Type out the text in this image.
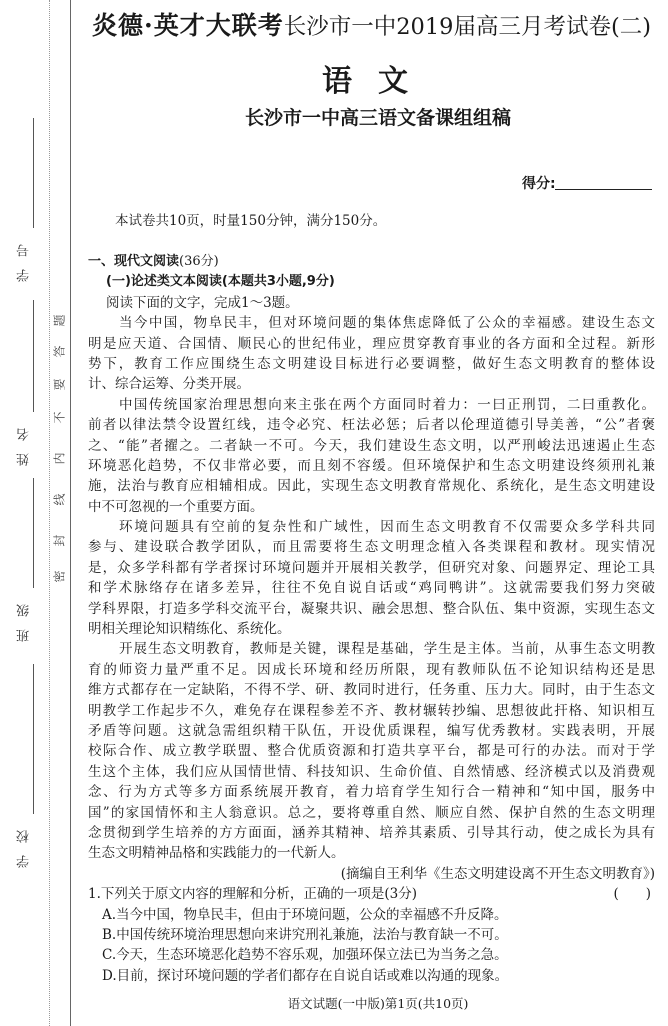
学号
姓名
班级
学校
密
封
线
内
不
要
答
题
炎德·英才大联考 长沙市一中2019届高三月考试卷(二)
语文
长沙市一中高三语文备课组组稿
得分:
本试卷共10页，时量150分钟，满分150分。
一、现代文阅读(36分)
(一)论述类文本阅读(本题共3小题,9分)
阅读下面的文字，完成1～3题。
当今中国，物阜民丰，但对环境问题的集体焦虑降低了公众的幸福感。建设生态文
明是应天道、合国情、顺民心的世纪伟业，理应贯穿教育事业的各方面和全过程。新形
势下，教育工作应围绕生态文明建设目标进行必要调整，做好生态文明教育的整体设
计、综合运筹、分类开展。
中国传统国家治理思想向来主张在两个方面同时着力：一曰正刑罚，二曰重教化。
前者以律法禁令设置红线，违令必究、枉法必惩；后者以伦理道德引导美善，“公”者褒
之、“能”者擢之。二者缺一不可。今天，我们建设生态文明，以严刑峻法迅速遏止生态
环境恶化趋势，不仅非常必要，而且刻不容缓。但环境保护和生态文明建设终须刑礼兼
施，法治与教育应相辅相成。因此，实现生态文明教育常规化、系统化，是生态文明建设
中不可忽视的一个重要方面。
环境问题具有空前的复杂性和广域性，因而生态文明教育不仅需要众多学科共同
参与、建设联合教学团队，而且需要将生态文明理念植入各类课程和教材。现实情况
是，众多学科都有学者探讨环境问题并开展相关教学，但研究对象、问题界定、理论工具
和学术脉络存在诸多差异，往往不免自说自话或“鸡同鸭讲”。这就需要我们努力突破
学科界限，打造多学科交流平台，凝聚共识、融会思想、整合队伍、集中资源，实现生态文
明相关理论知识精练化、系统化。
开展生态文明教育，教师是关键，课程是基础，学生是主体。当前，从事生态文明教
育的师资力量严重不足。因成长环境和经历所限，现有教师队伍不论知识结构还是思
维方式都存在一定缺陷，不得不学、研、教同时进行，任务重、压力大。同时，由于生态文
明教学工作起步不久，难免存在课程参差不齐、教材辗转抄编、思想彼此扞格、知识相互
矛盾等问题。这就急需组织精干队伍，开设优质课程，编写优秀教材。实践表明，开展
校际合作、成立教学联盟、整合优质资源和打造共享平台，都是可行的办法。而对于学
生这个主体，我们应从国情世情、科技知识、生命价值、自然情感、经济模式以及消费观
念、行为方式等多方面系统展开教育，着力培育学生知行合一精神和“知中国，服务中
国”的家国情怀和主人翁意识。总之，要将尊重自然、顺应自然、保护自然的生态文明理
念贯彻到学生培养的方方面面，涵养其精神、培养其素质、引导其行动，使之成长为具有
生态文明精神品格和实践能力的一代新人。
(摘编自王利华《生态文明建设离不开生态文明教育》)
1.下列关于原文内容的理解和分析，正确的一项是(3分)	(　　)
A.当今中国，物阜民丰，但由于环境问题，公众的幸福感不升反降。
B.中国传统环境治理思想向来讲究刑礼兼施，法治与教育缺一不可。
C.今天，生态环境恶化趋势不容乐观，加强环保立法已为当务之急。
D.目前，探讨环境问题的学者们都存在自说自话或难以沟通的现象。
语文试题(一中版)第1页(共10页)
